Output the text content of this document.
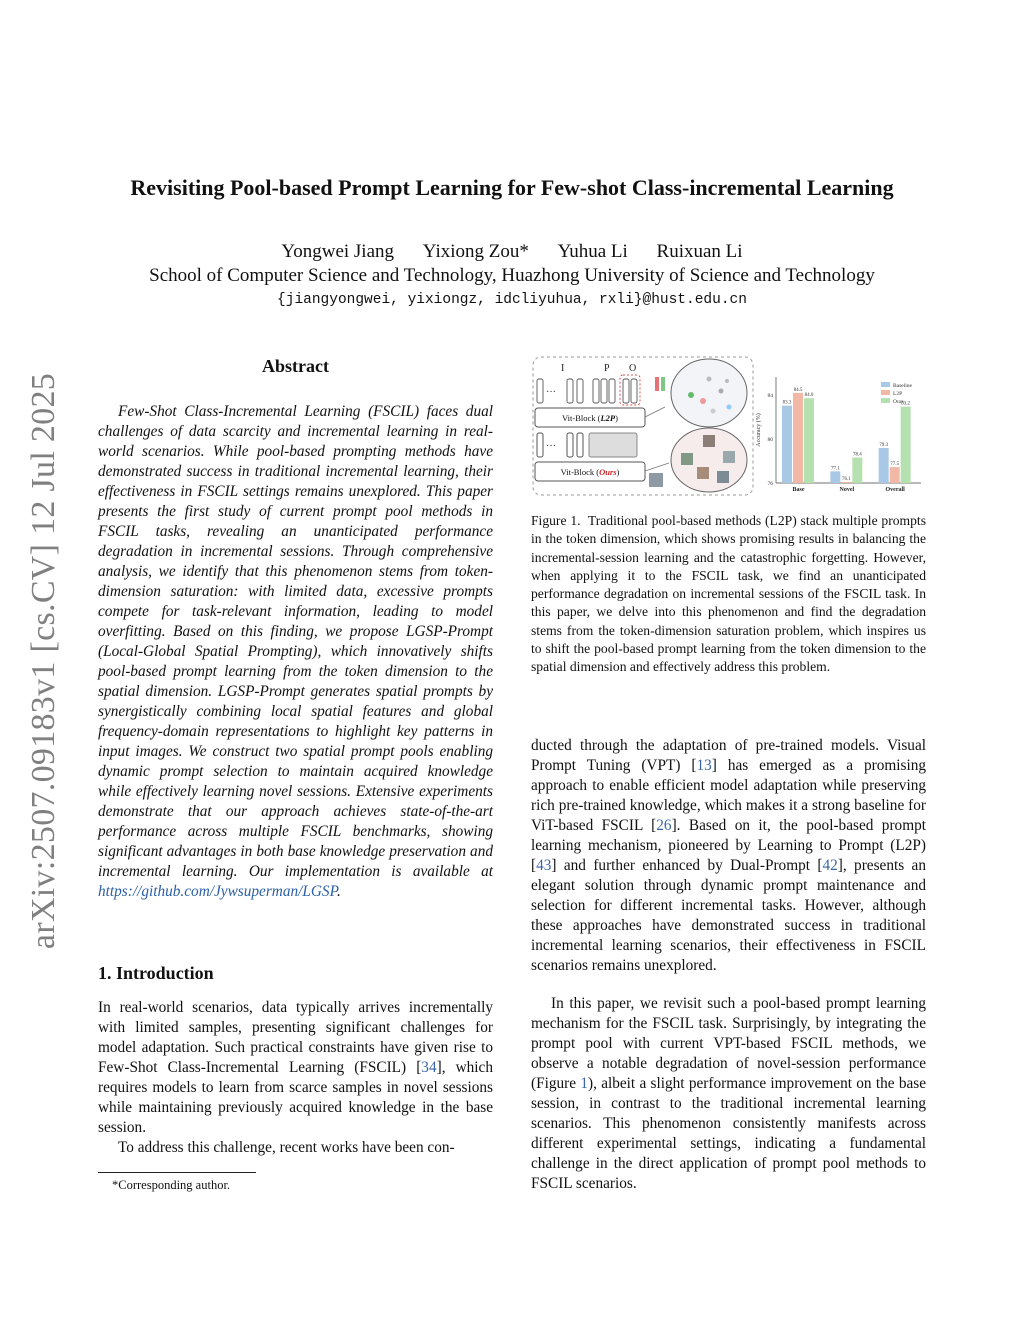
arXiv:2507.09183v1 [cs.CV] 12 Jul 2025
Revisiting Pool-based Prompt Learning for Few-shot Class-incremental Learning
Yongwei Jiang Yixiong Zou* Yuhua Li Ruixuan Li
School of Computer Science and Technology, Huazhong University of Science and Technology
{jiangyongwei, yixiongz, idcliyuhua, rxli}@hust.edu.cn
Abstract

Few-Shot Class-Incremental Learning (FSCIL) faces dual challenges of data scarcity and incremental learning in real-world scenarios. While pool-based prompting methods have demonstrated success in traditional incremental learning, their effectiveness in FSCIL settings remains unexplored. This paper presents the first study of current prompt pool methods in FSCIL tasks, revealing an unanticipated performance degradation in incremental sessions. Through comprehensive analysis, we identify that this phenomenon stems from token-dimension saturation: with limited data, excessive prompts compete for task-relevant information, leading to model overfitting. Based on this finding, we propose LGSP-Prompt (Local-Global Spatial Prompting), which innovatively shifts pool-based prompt learning from the token dimension to the spatial dimension. LGSP-Prompt generates spatial prompts by synergistically combining local spatial features and global frequency-domain representations to highlight key patterns in input images. We construct two spatial prompt pools enabling dynamic prompt selection to maintain acquired knowledge while effectively learning novel sessions. Extensive experiments demonstrate that our approach achieves state-of-the-art performance across multiple FSCIL benchmarks, showing significant advantages in both base knowledge preservation and incremental learning. Our implementation is available at https://github.com/Jywsuperman/LGSP.

1. Introduction

In real-world scenarios, data typically arrives incrementally with limited samples, presenting significant challenges for model adaptation. Such practical constraints have given rise to Few-Shot Class-Incremental Learning (FSCIL) [34], which requires models to learn from scarce samples in novel sessions while maintaining previously acquired knowledge in the base session.

To address this challenge, recent works have been con-

*Corresponding author.
I	P O
···
Vit-Block (L2P)
···
Vit-Block (Ours)
84
80
76
Accuracy (%)
83.3
84.5
84.0
Base
77.1
76.1
78.4
Novel
79.3
77.5
83.2
Overall
Baseline
L2P
Ours
Figure 1. Traditional pool-based methods (L2P) stack multiple prompts in the token dimension, which shows promising results in balancing the incremental-session learning and the catastrophic forgetting. However, when applying it to the FSCIL task, we find an unanticipated performance degradation on incremental sessions of the FSCIL task. In this paper, we delve into this phenomenon and find the degradation stems from the token-dimension saturation problem, which inspires us to shift the pool-based prompt learning from the token dimension to the spatial dimension and effectively address this problem.

ducted through the adaptation of pre-trained models. Visual Prompt Tuning (VPT) [13] has emerged as a promising approach to enable efficient model adaptation while preserving rich pre-trained knowledge, which makes it a strong baseline for ViT-based FSCIL [26]. Based on it, the pool-based prompt learning mechanism, pioneered by Learning to Prompt (L2P) [43] and further enhanced by Dual-Prompt [42], presents an elegant solution through dynamic prompt maintenance and selection for different incremental tasks. However, although these approaches have demonstrated success in traditional incremental learning scenarios, their effectiveness in FSCIL scenarios remains unexplored.

In this paper, we revisit such a pool-based prompt learning mechanism for the FSCIL task. Surprisingly, by integrating the prompt pool with current VPT-based FSCIL methods, we observe a notable degradation of novel-session performance (Figure 1), albeit a slight performance improvement on the base session, in contrast to the traditional incremental learning scenarios. This phenomenon consistently manifests across different experimental settings, indicating a fundamental challenge in the direct application of prompt pool methods to FSCIL scenarios.
